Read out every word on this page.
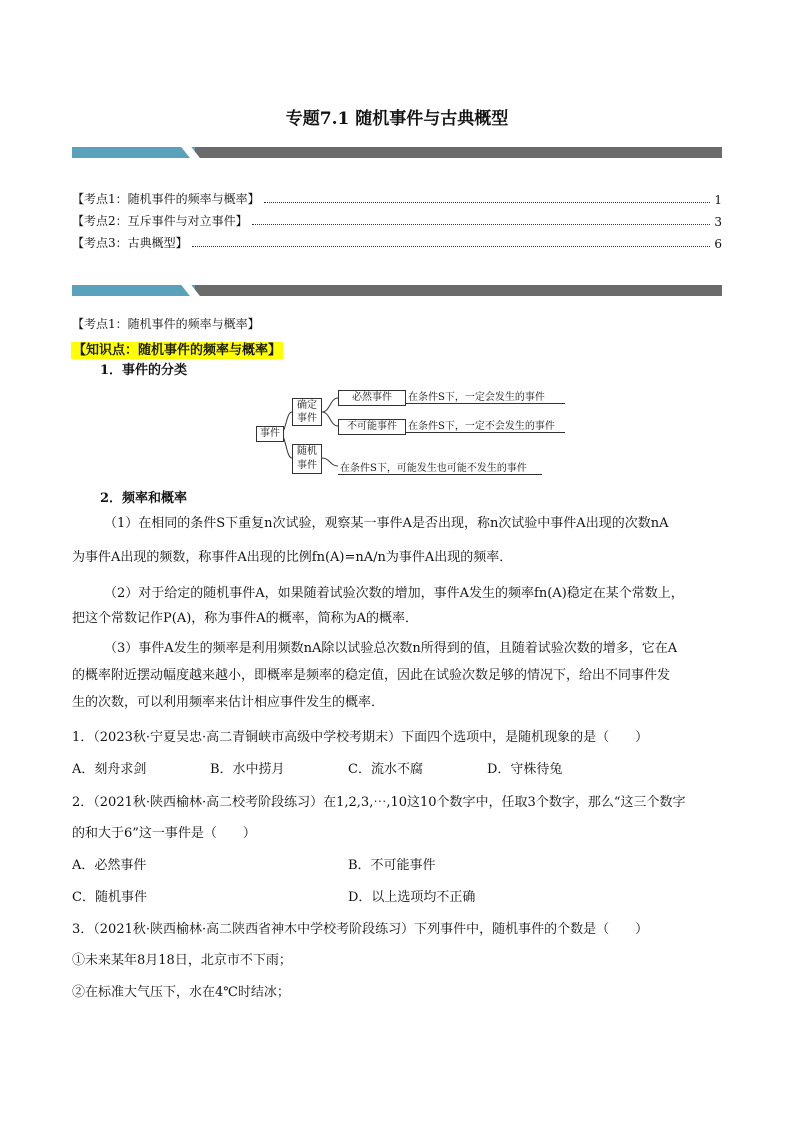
专题7.1 随机事件与古典概型
【考点1：随机事件的频率与概率】	1
【考点2：互斥事件与对立事件】	3
【考点3：古典概型】	6
【考点1：随机事件的频率与概率】
【知识点：随机事件的频率与概率】
1．事件的分类
事件
确定事件
随机事件
必然事件
不可能事件
在条件S下，一定会发生的事件
在条件S下，一定不会发生的事件
在条件S下，可能发生也可能不发生的事件
2．频率和概率
（1）在相同的条件S下重复n次试验，观察某一事件A是否出现，称n次试验中事件A出现的次数nA
为事件A出现的频数，称事件A出现的比例fn(A)=nA/n为事件A出现的频率．
（2）对于给定的随机事件A，如果随着试验次数的增加，事件A发生的频率fn(A)稳定在某个常数上，
把这个常数记作P(A)，称为事件A的概率，简称为A的概率．
（3）事件A发生的频率是利用频数nA除以试验总次数n所得到的值，且随着试验次数的增多，它在A
的概率附近摆动幅度越来越小，即概率是频率的稳定值，因此在试验次数足够的情况下，给出不同事件发
生的次数，可以利用频率来估计相应事件发生的概率．
1．（2023秋·宁夏吴忠·高二青铜峡市高级中学校考期末）下面四个选项中，是随机现象的是（　　）
A．刻舟求剑	B．水中捞月	C．流水不腐	D．守株待兔
2．（2021秋·陕西榆林·高二校考阶段练习）在1,2,3,⋯,10这10个数字中，任取3个数字，那么“这三个数字
的和大于6”这一事件是（　　）
A．必然事件	B．不可能事件
C．随机事件	D．以上选项均不正确
3．（2021秋·陕西榆林·高二陕西省神木中学校考阶段练习）下列事件中，随机事件的个数是（　　）
①未来某年8月18日，北京市不下雨；
②在标准大气压下，水在4℃时结冰；
